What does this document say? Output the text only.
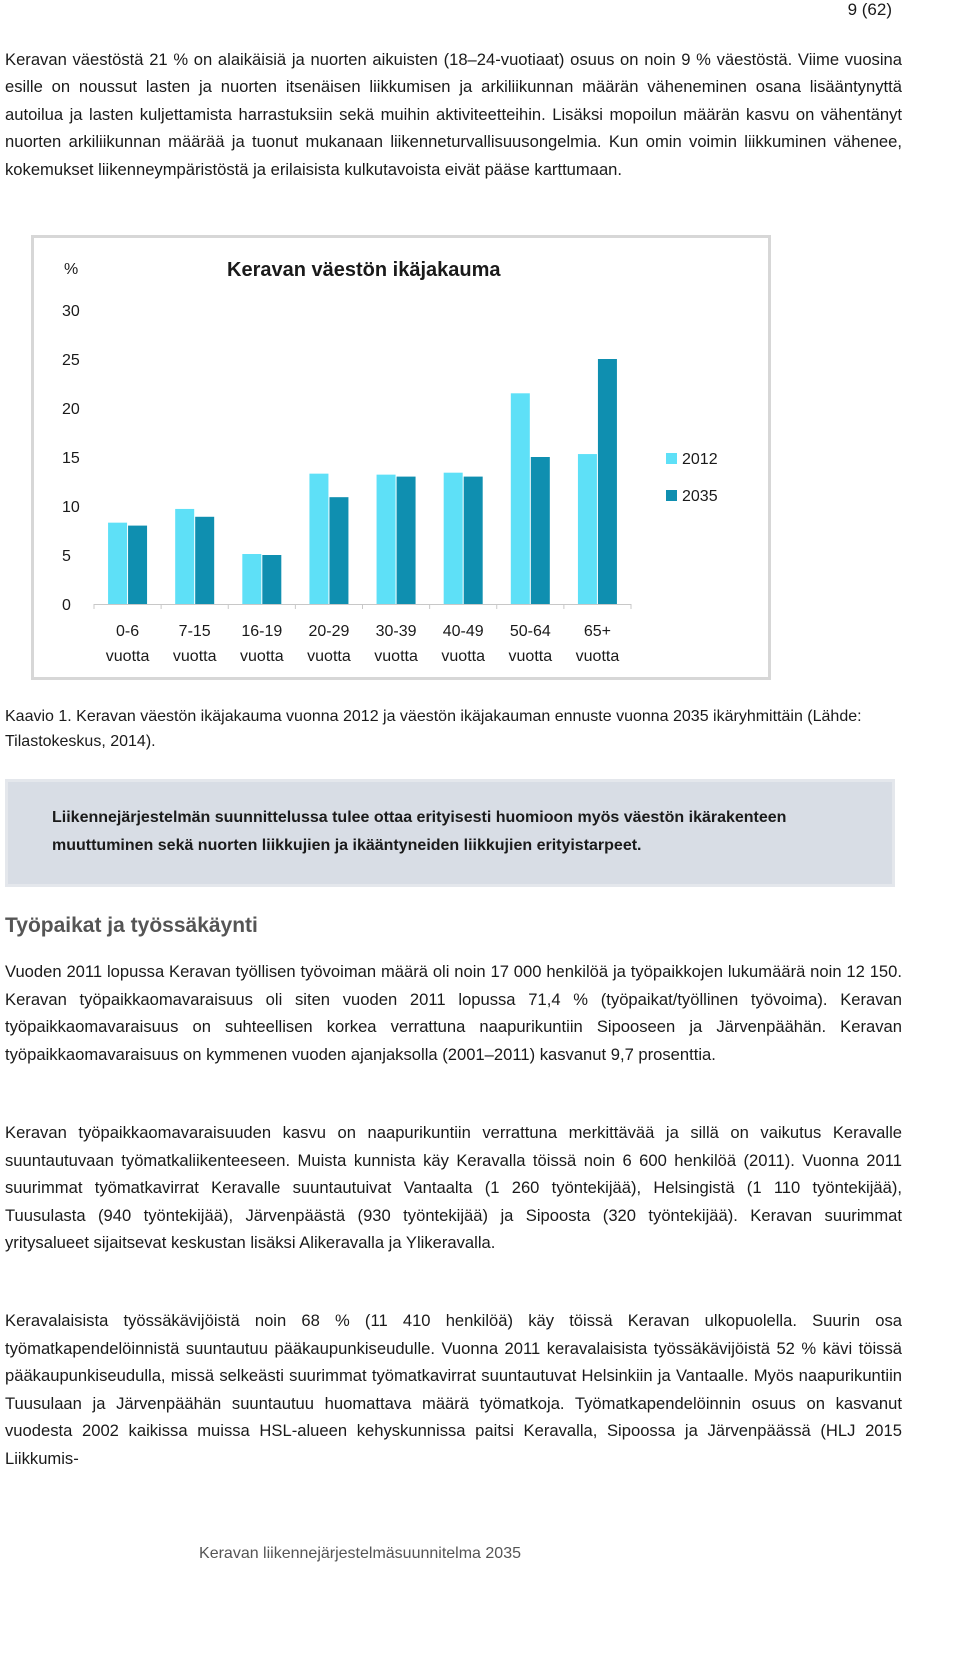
9 (62)

Keravan väestöstä 21 % on alaikäisiä ja nuorten aikuisten (18–24-vuotiaat) osuus on noin 9 % väestöstä. Viime vuosina esille on noussut lasten ja nuorten itsenäisen liikkumisen ja arkiliikunnan määrän väheneminen osana lisääntynyttä autoilua ja lasten kuljettamista harrastuksiin sekä muihin aktiviteetteihin. Lisäksi mopoilun määrän kasvu on vähentänyt nuorten arkiliikunnan määrää ja tuonut mukanaan liikenneturvallisuusongelmia. Kun omin voimin liikkuminen vähenee, kokemukset liikenneympäristöstä ja erilaisista kulkutavoista eivät pääse karttumaan.

%	Keravan väestön ikäjakauma
0
5
10
15
20
25
30
0-6
vuotta
7-15
vuotta
16-19
vuotta
20-29
vuotta
30-39
vuotta
40-49
vuotta
50-64
vuotta
65+
vuotta
2012
2035

Kaavio 1. Keravan väestön ikäjakauma vuonna 2012 ja väestön ikäjakauman ennuste vuonna 2035 ikäryhmittäin (Lähde: Tilastokeskus, 2014).

Liikennejärjestelmän suunnittelussa tulee ottaa erityisesti huomioon myös väestön ikärakenteen muuttuminen sekä nuorten liikkujien ja ikääntyneiden liikkujien erityistarpeet.

Työpaikat ja työssäkäynti

Vuoden 2011 lopussa Keravan työllisen työvoiman määrä oli noin 17 000 henkilöä ja työpaikkojen lukumäärä noin 12 150. Keravan työpaikkaomavaraisuus oli siten vuoden 2011 lopussa 71,4 % (työpaikat/työllinen työvoima). Keravan työpaikkaomavaraisuus on suhteellisen korkea verrattuna naapurikuntiin Sipooseen ja Järvenpäähän. Keravan työpaikkaomavaraisuus on kymmenen vuoden ajanjaksolla (2001–2011) kasvanut 9,7 prosenttia.

Keravan työpaikkaomavaraisuuden kasvu on naapurikuntiin verrattuna merkittävää ja sillä on vaikutus Keravalle suuntautuvaan työmatkaliikenteeseen. Muista kunnista käy Keravalla töissä noin 6 600 henkilöä (2011). Vuonna 2011 suurimmat työmatkavirrat Keravalle suuntautuivat Vantaalta (1 260 työntekijää), Helsingistä (1 110 työntekijää), Tuusulasta (940 työntekijää), Järvenpäästä (930 työntekijää) ja Sipoosta (320 työntekijää). Keravan suurimmat yritysalueet sijaitsevat keskustan lisäksi Alikeravalla ja Ylikeravalla.

Keravalaisista työssäkävijöistä noin 68 % (11 410 henkilöä) käy töissä Keravan ulkopuolella. Suurin osa työmatkapendelöinnistä suuntautuu pääkaupunkiseudulle. Vuonna 2011 keravalaisista työssäkävijöistä 52 % kävi töissä pääkaupunkiseudulla, missä selkeästi suurimmat työmatkavirrat suuntautuvat Helsinkiin ja Vantaalle. Myös naapurikuntiin Tuusulaan ja Järvenpäähän suuntautuu huomattava määrä työmatkoja. Työmatkapendelöinnin osuus on kasvanut vuodesta 2002 kaikissa muissa HSL-alueen kehyskunnissa paitsi Keravalla, Sipoossa ja Järvenpäässä (HLJ 2015 Liikkumis-

Keravan liikennejärjestelmäsuunnitelma 2035
